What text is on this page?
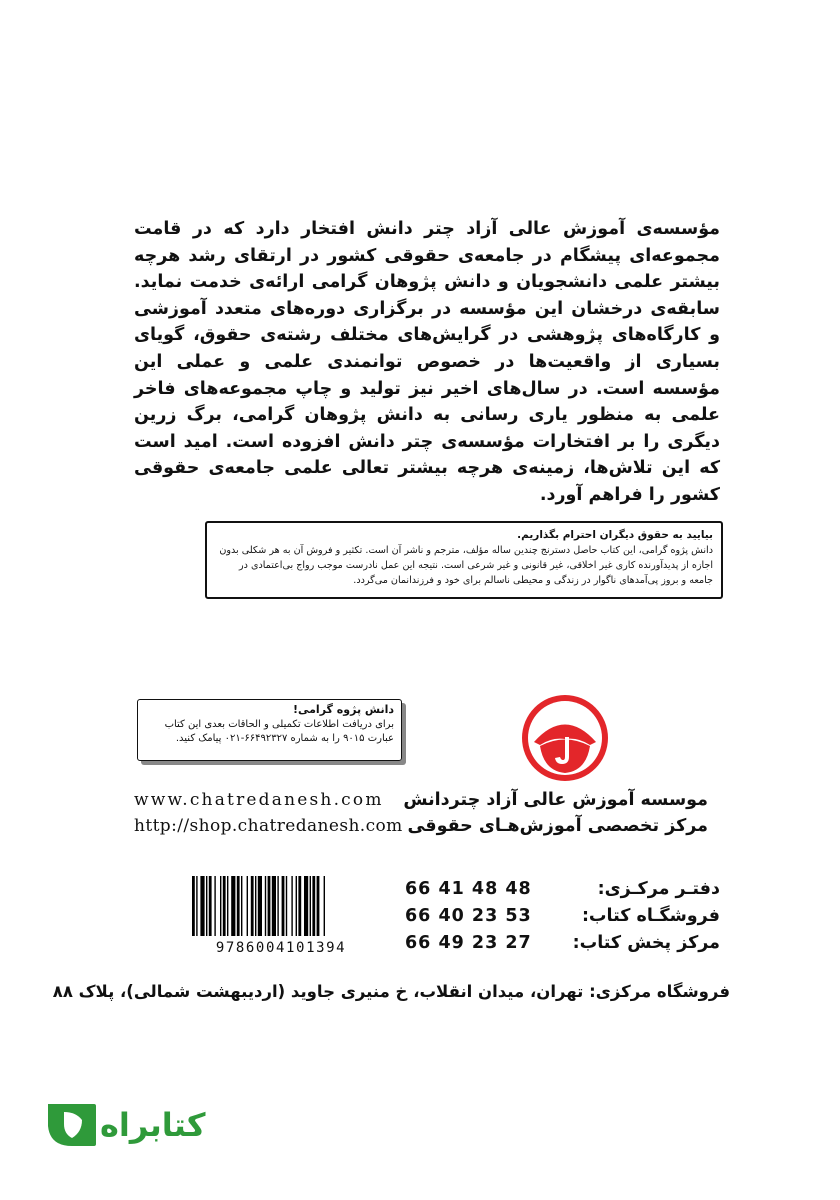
مؤسسه‌ی آموزش عالی آزاد چتر دانش افتخار دارد که در قامت مجموعه‌ای پیشگام در جامعه‌ی حقوقی کشور در ارتقای رشد هرچه بیشتر علمی دانشجویان و دانش پژوهان گرامی ارائه‌ی خدمت نماید. سابقه‌ی درخشان این مؤسسه در برگزاری دوره‌های متعدد آموزشی و کارگاه‌های پژوهشی در گرایش‌های مختلف رشته‌ی حقوق، گویای بسیاری از واقعیت‌ها در خصوص توانمندی علمی و عملی این مؤسسه است. در سال‌های اخیر نیز تولید و چاپ مجموعه‌های فاخر علمی به منظور یاری رسانی به دانش پژوهان گرامی، برگ زرین دیگری را بر افتخارات مؤسسه‌ی چتر دانش افزوده است. امید است که این تلاش‌ها، زمینه‌ی هرچه بیشتر تعالی علمی جامعه‌ی حقوقی کشور را فراهم آورد.
بیایید به حقوق دیگران احترام بگذاریم.
دانش پژوه گرامی، این کتاب حاصل دسترنج چندین ساله مؤلف، مترجم و ناشر آن است. تکثیر و فروش آن به هر شکلی بدون اجازه از پدیدآورنده کاری غیر اخلاقی، غیر قانونی و غیر شرعی است. نتیجه این عمل نادرست موجب رواج بی‌اعتمادی در جامعه و بروز پی‌آمدهای ناگوار در زندگی و محیطی ناسالم برای خود و فرزندانمان می‌گردد.
دانش پژوه گرامی!
برای دریافت اطلاعات تکمیلی و الحاقات بعدی این کتاب
عبارت ۹۰۱۵ را به شماره ۶۶۴۹۲۳۲۷-۰۲۱ پیامک کنید.
www.chatredanesh.com
http://shop.chatredanesh.com
موسسه آموزش عالی آزاد چتردانش
مرکز تخصصی آموزش‌هـای حقوقی
9786004101394
دفتـر مرکـزی:
66 41 48 48
فروشگـاه کتاب:
66 40 23 53
مرکز پخش کتاب:
66 49 23 27
فروشگاه مرکزی: تهران، میدان انقلاب، خ منیری جاوید (اردیبهشت شمالی)، پلاک ۸۸
کتابراه
